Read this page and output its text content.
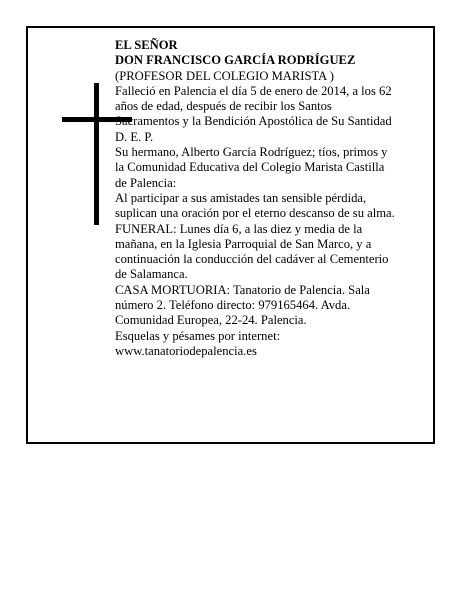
EL SEÑOR
DON FRANCISCO GARCÍA RODRÍGUEZ
(PROFESOR DEL COLEGIO MARISTA )
Falleció en Palencia el día 5 de enero de 2014, a los 62
años de edad, después de recibir los Santos
Sacramentos y la Bendición Apostólica de Su Santidad
D. E. P.
Su hermano, Alberto García Rodríguez; tíos, primos y
la Comunidad Educativa del Colegio Marista Castilla
de Palencia:
Al participar a sus amistades tan sensible pérdida,
suplican una oración por el eterno descanso de su alma.
FUNERAL: Lunes día 6, a las diez y media de la
mañana, en la Iglesia Parroquial de San Marco, y a
continuación la conducción del cadáver al Cementerio
de Salamanca.
CASA MORTUORIA: Tanatorio de Palencia. Sala
número 2. Teléfono directo: 979165464. Avda.
Comunidad Europea, 22-24. Palencia.
Esquelas y pésames por internet:
www.tanatoriodepalencia.es
